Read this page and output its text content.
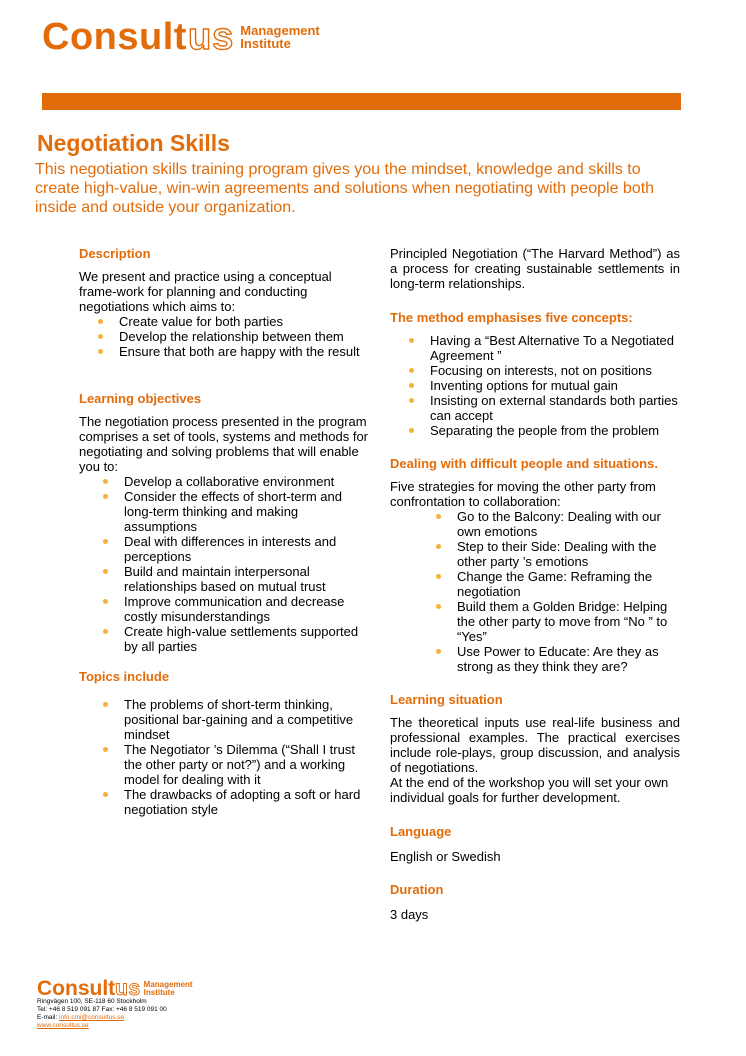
Consult us Management
Institute
Negotiation Skills

This negotiation skills training program gives you the mindset, knowledge and skills to create high-value, win-win agreements and solutions when negotiating with people both inside and outside your organization.

Description

We present and practice using a conceptual frame-work for planning and conducting negotiations which aims to:

Create value for both parties
Develop the relationship between them
Ensure that both are happy with the result
Learning objectives

The negotiation process presented in the program

comprises a set of tools, systems and methods for

negotiating and solving problems that will enable

you to:

Develop a collaborative environment
Consider the effects of short-term and long-term thinking and making assumptions
Deal with differences in interests and perceptions
Build and maintain interpersonal relationships based on mutual trust
Improve communication and decrease costly misunderstandings
Create high-value settlements supported by all parties
Topics include
The problems of short-term thinking, positional bar-gaining and a competitive mindset
The Negotiator ’s Dilemma (“Shall I trust the other party or not?”) and a working model for dealing with it
The drawbacks of adopting a soft or hard negotiation style

Principled Negotiation (“The Harvard Method”) as a process for creating sustainable settlements in long-term relationships.

The method emphasises five concepts:
Having a “Best Alternative To a Negotiated Agreement ”
Focusing on interests, not on positions
Inventing options for mutual gain
Insisting on external standards both parties can accept
Separating the people from the problem
Dealing with difficult people and situations.

Five strategies for moving the other party from confrontation to collaboration:

Go to the Balcony: Dealing with our own emotions
Step to their Side: Dealing with the other party ’s emotions
Change the Game: Reframing the negotiation
Build them a Golden Bridge: Helping the other party to move from “No ” to “Yes”
Use Power to Educate: Are they as strong as they think they are?
Learning situation

The theoretical inputs use real-life business and professional examples. The practical exercises include role-plays, group discussion, and analysis of negotiations.

At the end of the workshop you will set your own

individual goals for further development.

Language

English or Swedish

Duration

3 days

Consult us Management
Institute
Ringvägen 100, SE-118 60 Stockholm
Tel: +46 8 519 091 87 Fax: +46 8 519 091 00
E-mail: info.cmi@consultus.se
www.consultus.se
